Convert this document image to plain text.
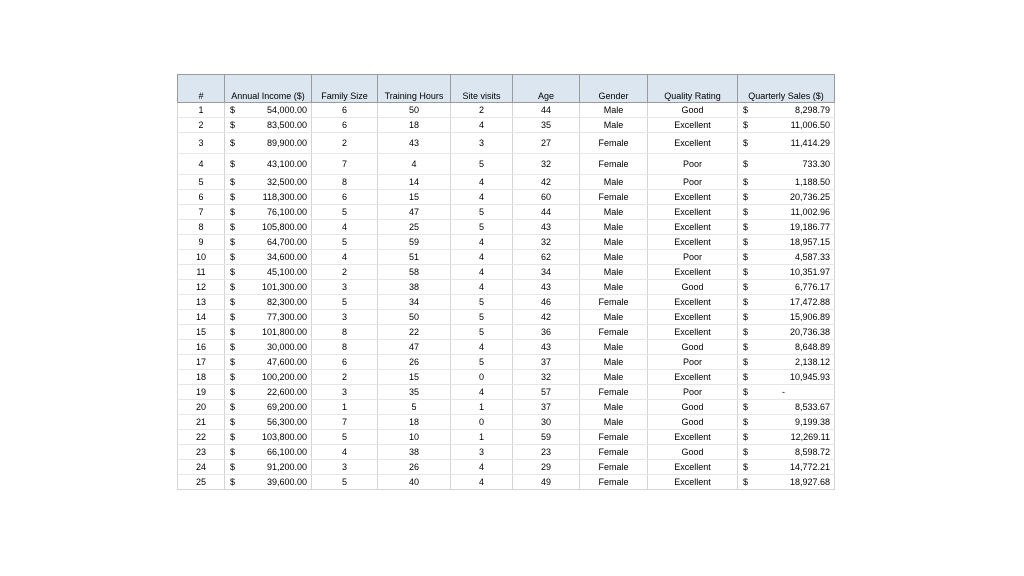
#	Annual Income ($)	Family Size	Training Hours	Site visits	Age	Gender	Quality Rating	Quarterly Sales ($)
1	$ 54,000.00	6	50	2	44	Male	Good	$ 8,298.79

2	$ 83,500.00	6	18	4	35	Male	Excellent	$ 11,006.50

3	$ 89,900.00	2	43	3	27	Female	Excellent	$ 11,414.29

4	$ 43,100.00	7	4	5	32	Female	Poor	$ 733.30

5	$ 32,500.00	8	14	4	42	Male	Poor	$ 1,188.50

6	$ 118,300.00	6	15	4	60	Female	Excellent	$ 20,736.25

7	$ 76,100.00	5	47	5	44	Male	Excellent	$ 11,002.96

8	$ 105,800.00	4	25	5	43	Male	Excellent	$ 19,186.77

9	$ 64,700.00	5	59	4	32	Male	Excellent	$ 18,957.15

10	$ 34,600.00	4	51	4	62	Male	Poor	$ 4,587.33

11	$ 45,100.00	2	58	4	34	Male	Excellent	$ 10,351.97

12	$ 101,300.00	3	38	4	43	Male	Good	$ 6,776.17

13	$ 82,300.00	5	34	5	46	Female	Excellent	$ 17,472.88

14	$ 77,300.00	3	50	5	42	Male	Excellent	$ 15,906.89

15	$ 101,800.00	8	22	5	36	Female	Excellent	$ 20,736.38

16	$ 30,000.00	8	47	4	43	Male	Good	$ 8,648.89

17	$ 47,600.00	6	26	5	37	Male	Poor	$ 2,138.12

18	$ 100,200.00	2	15	0	32	Male	Excellent	$ 10,945.93

19	$ 22,600.00	3	35	4	57	Female	Poor	$ -

20	$ 69,200.00	1	5	1	37	Male	Good	$ 8,533.67

21	$ 56,300.00	7	18	0	30	Male	Good	$ 9,199.38

22	$ 103,800.00	5	10	1	59	Female	Excellent	$ 12,269.11

23	$ 66,100.00	4	38	3	23	Female	Good	$ 8,598.72

24	$ 91,200.00	3	26	4	29	Female	Excellent	$ 14,772.21

25	$ 39,600.00	5	40	4	49	Female	Excellent	$ 18,927.68
